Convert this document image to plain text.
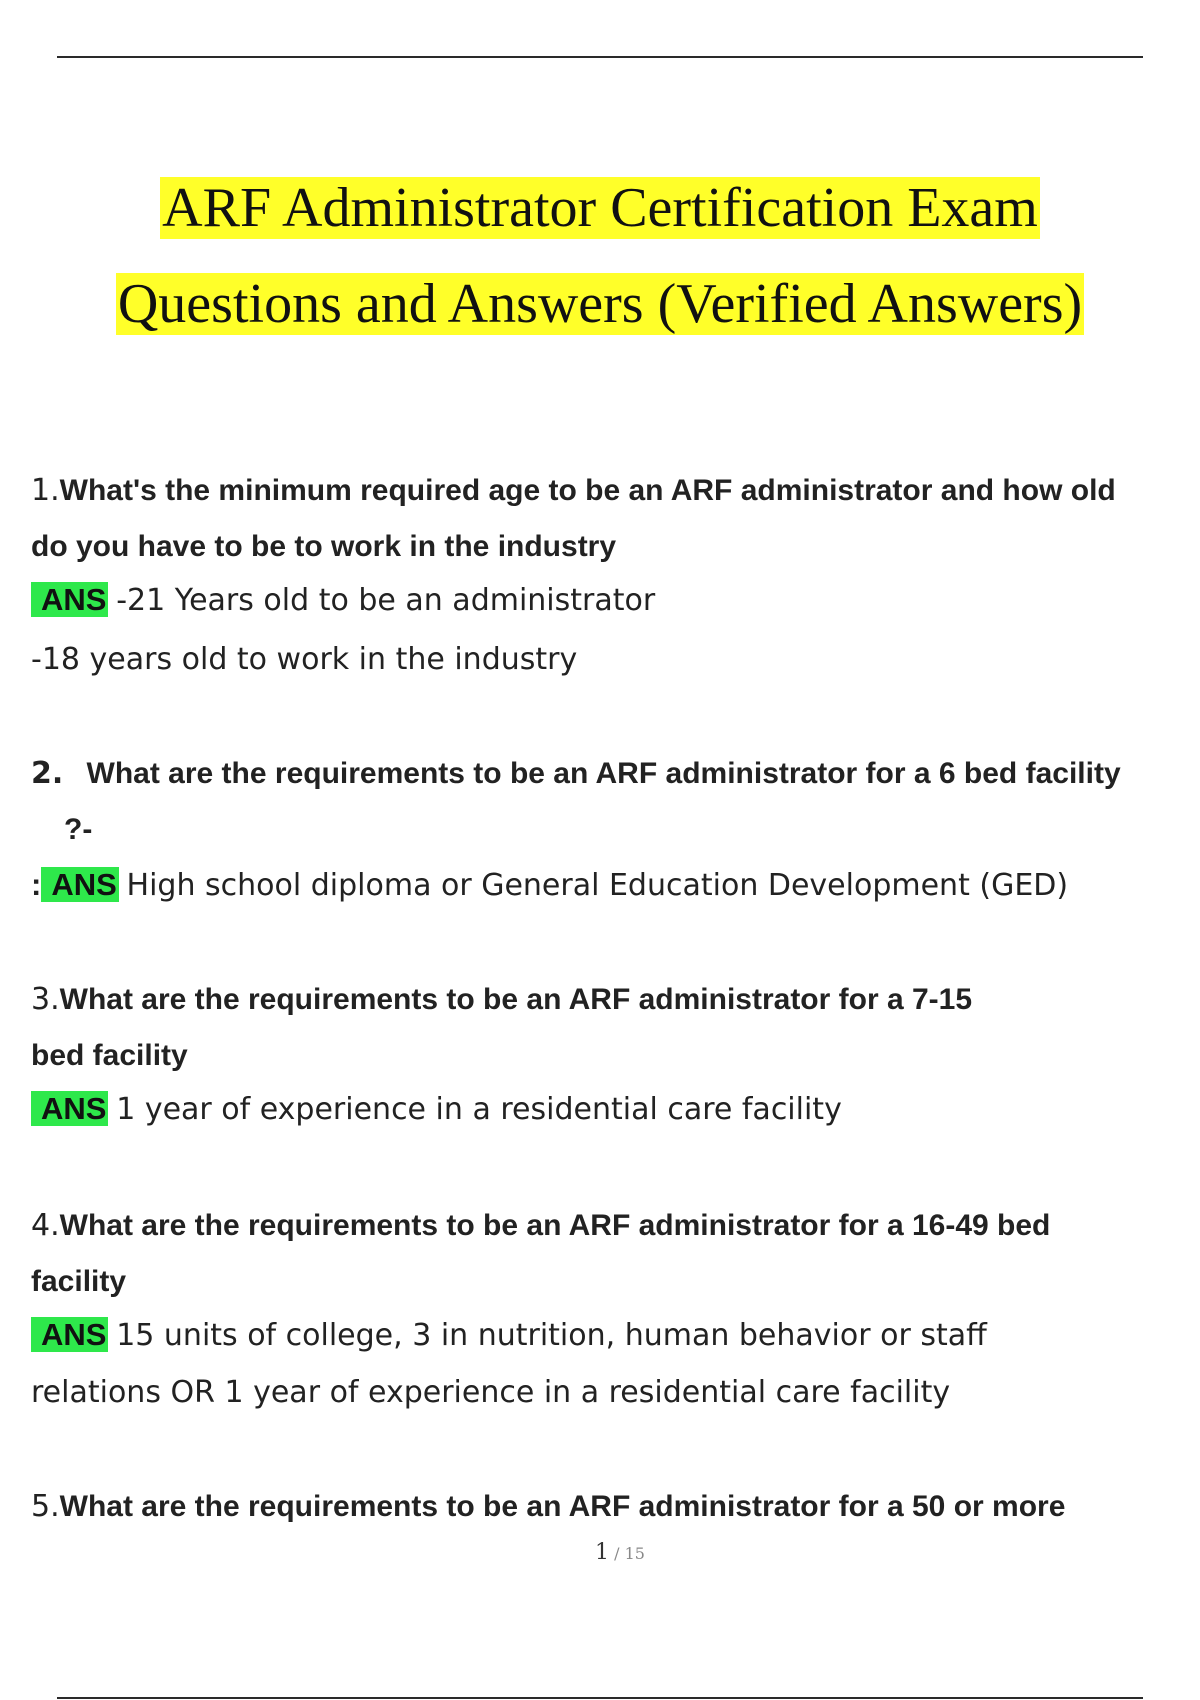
ARF Administrator Certification Exam
Questions and Answers (Verified Answers)
1.What's the minimum required age to be an ARF administrator and how old
do you have to be to work in the industry
ANS -21 Years old to be an administrator
-18 years old to work in the industry
2. What are the requirements to be an ARF administrator for a 6 bed facility
?-
: ANS High school diploma or General Education Development (GED)
3.What are the requirements to be an ARF administrator for a 7-15
bed facility
ANS 1 year of experience in a residential care facility
4.What are the requirements to be an ARF administrator for a 16-49 bed
facility
ANS 15 units of college, 3 in nutrition, human behavior or staff
relations OR 1 year of experience in a residential care facility
5.What are the requirements to be an ARF administrator for a 50 or more
1 / 15
